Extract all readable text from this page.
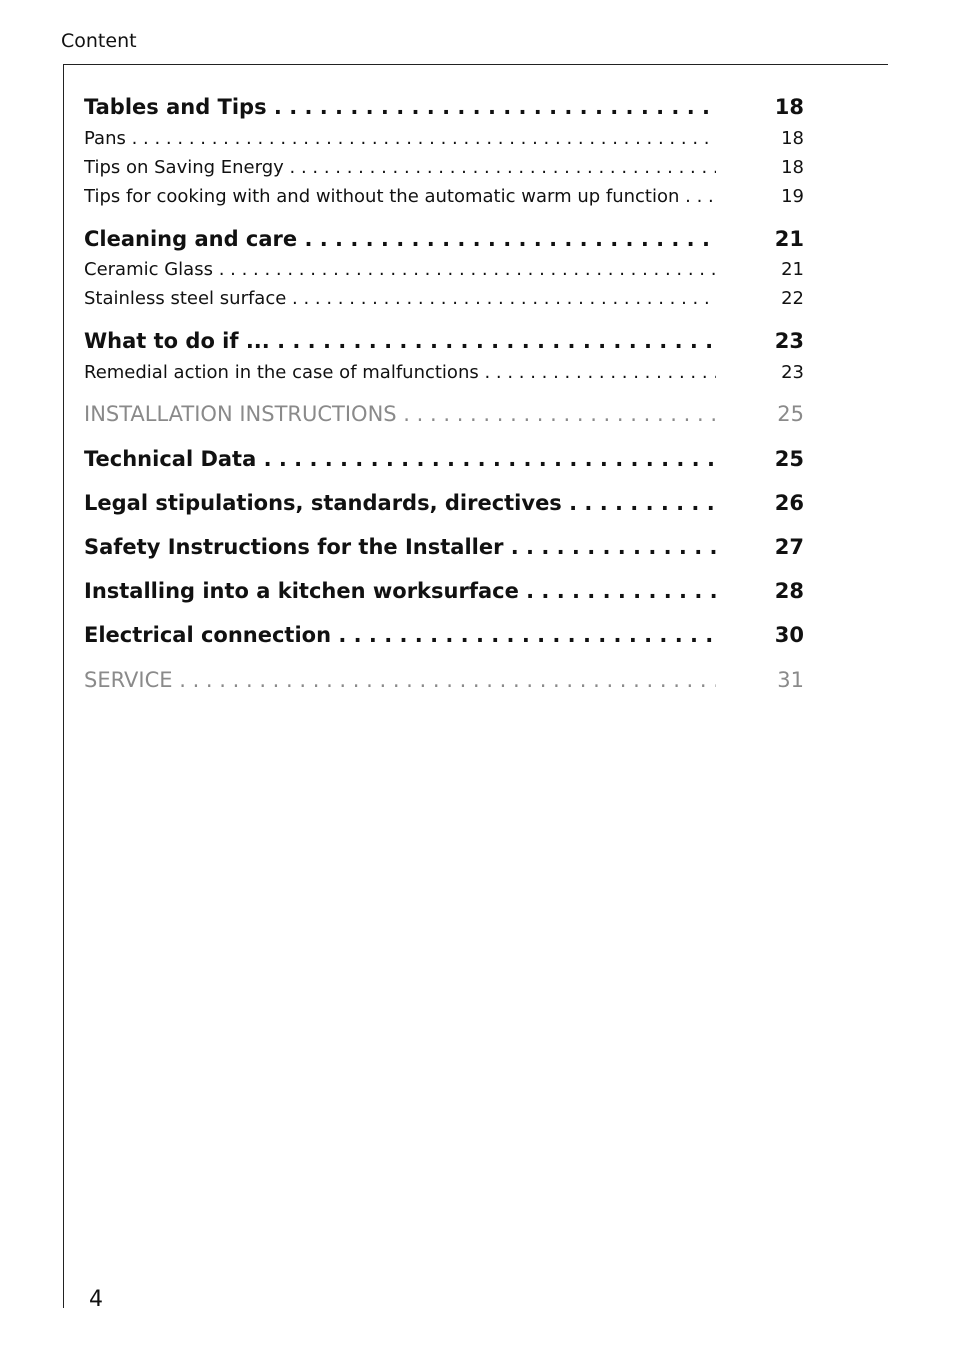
Content
Tables and Tips . . .	18
Pans . . .	18
Tips on Saving Energy . . .	18
Tips for cooking with and without the automatic warm up function . . .	19
Cleaning and care . . .	21
Ceramic Glass . . .	21
Stainless steel surface . . .	22
What to do if ... . . .	23
Remedial action in the case of malfunctions . . .	23
INSTALLATION INSTRUCTIONS . . .	25
Technical Data . . .	25
Legal stipulations, standards, directives . . .	26
Safety Instructions for the Installer . . .	27
Installing into a kitchen worksurface . . .	28
Electrical connection . . .	30
SERVICE . . .	31
4
